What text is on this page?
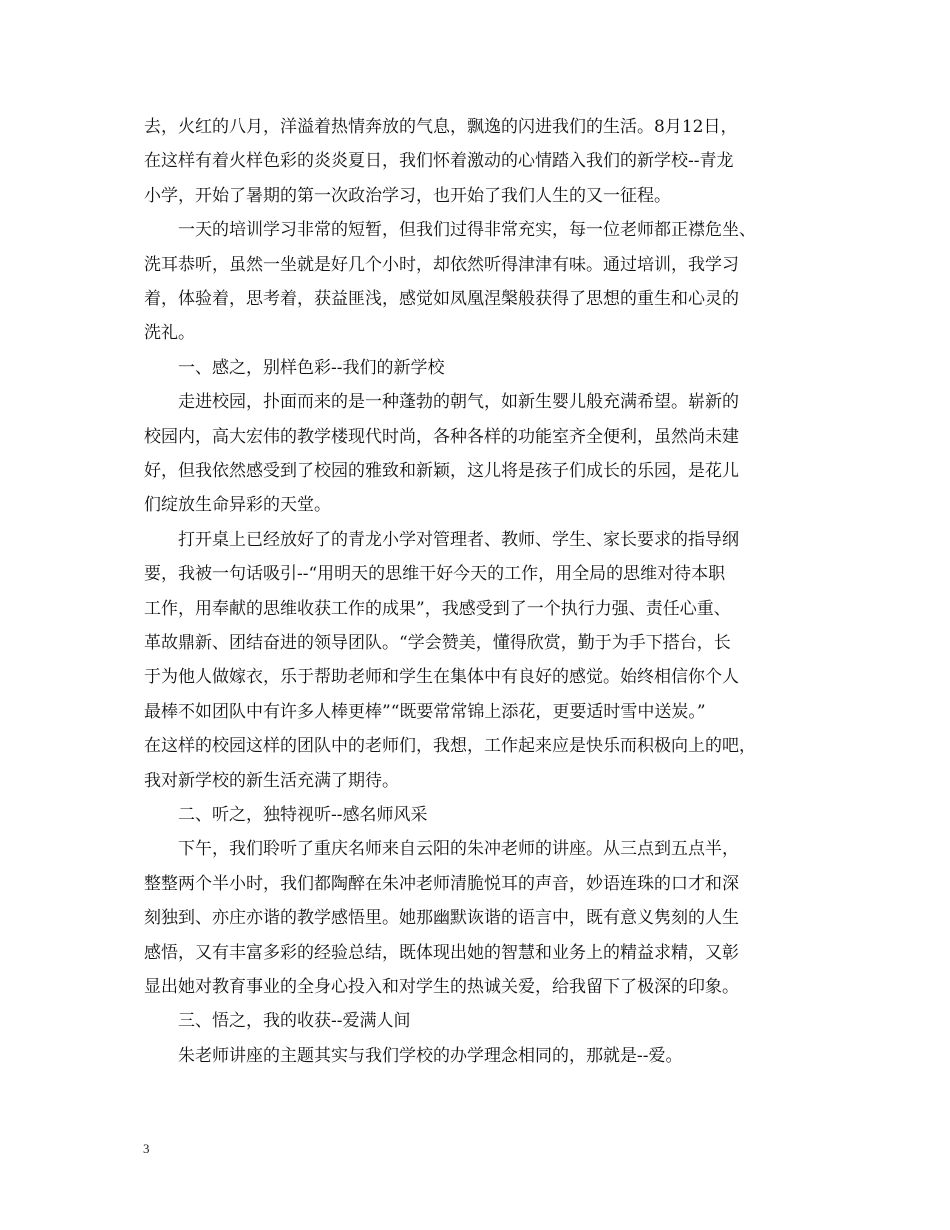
去，火红的八月，洋溢着热情奔放的气息，飘逸的闪进我们的生活。8月12日，
在这样有着火样色彩的炎炎夏日，我们怀着激动的心情踏入我们的新学校--青龙
小学，开始了暑期的第一次政治学习，也开始了我们人生的又一征程。
　　一天的培训学习非常的短暂，但我们过得非常充实，每一位老师都正襟危坐、
洗耳恭听，虽然一坐就是好几个小时，却依然听得津津有味。通过培训，我学习
着，体验着，思考着，获益匪浅，感觉如凤凰涅槃般获得了思想的重生和心灵的
洗礼。
　　一、感之，别样色彩--我们的新学校
　　走进校园，扑面而来的是一种蓬勃的朝气，如新生婴儿般充满希望。崭新的
校园内，高大宏伟的教学楼现代时尚，各种各样的功能室齐全便利，虽然尚未建
好，但我依然感受到了校园的雅致和新颖，这儿将是孩子们成长的乐园，是花儿
们绽放生命异彩的天堂。
　　打开桌上已经放好了的青龙小学对管理者、教师、学生、家长要求的指导纲
要，我被一句话吸引--“用明天的思维干好今天的工作，用全局的思维对待本职
工作，用奉献的思维收获工作的成果”，我感受到了一个执行力强、责任心重、
革故鼎新、团结奋进的领导团队。“学会赞美，懂得欣赏，勤于为手下搭台，长
于为他人做嫁衣，乐于帮助老师和学生在集体中有良好的感觉。始终相信你个人
最棒不如团队中有许多人棒更棒”“既要常常锦上添花，更要适时雪中送炭。”
在这样的校园这样的团队中的老师们，我想，工作起来应是快乐而积极向上的吧，
我对新学校的新生活充满了期待。
　　二、听之，独特视听--感名师风采
　　下午，我们聆听了重庆名师来自云阳的朱冲老师的讲座。从三点到五点半，
整整两个半小时，我们都陶醉在朱冲老师清脆悦耳的声音，妙语连珠的口才和深
刻独到、亦庄亦谐的教学感悟里。她那幽默诙谐的语言中，既有意义隽刻的人生
感悟，又有丰富多彩的经验总结，既体现出她的智慧和业务上的精益求精，又彰
显出她对教育事业的全身心投入和对学生的热诚关爱，给我留下了极深的印象。
　　三、悟之，我的收获--爱满人间
　　朱老师讲座的主题其实与我们学校的办学理念相同的，那就是--爱。
3
